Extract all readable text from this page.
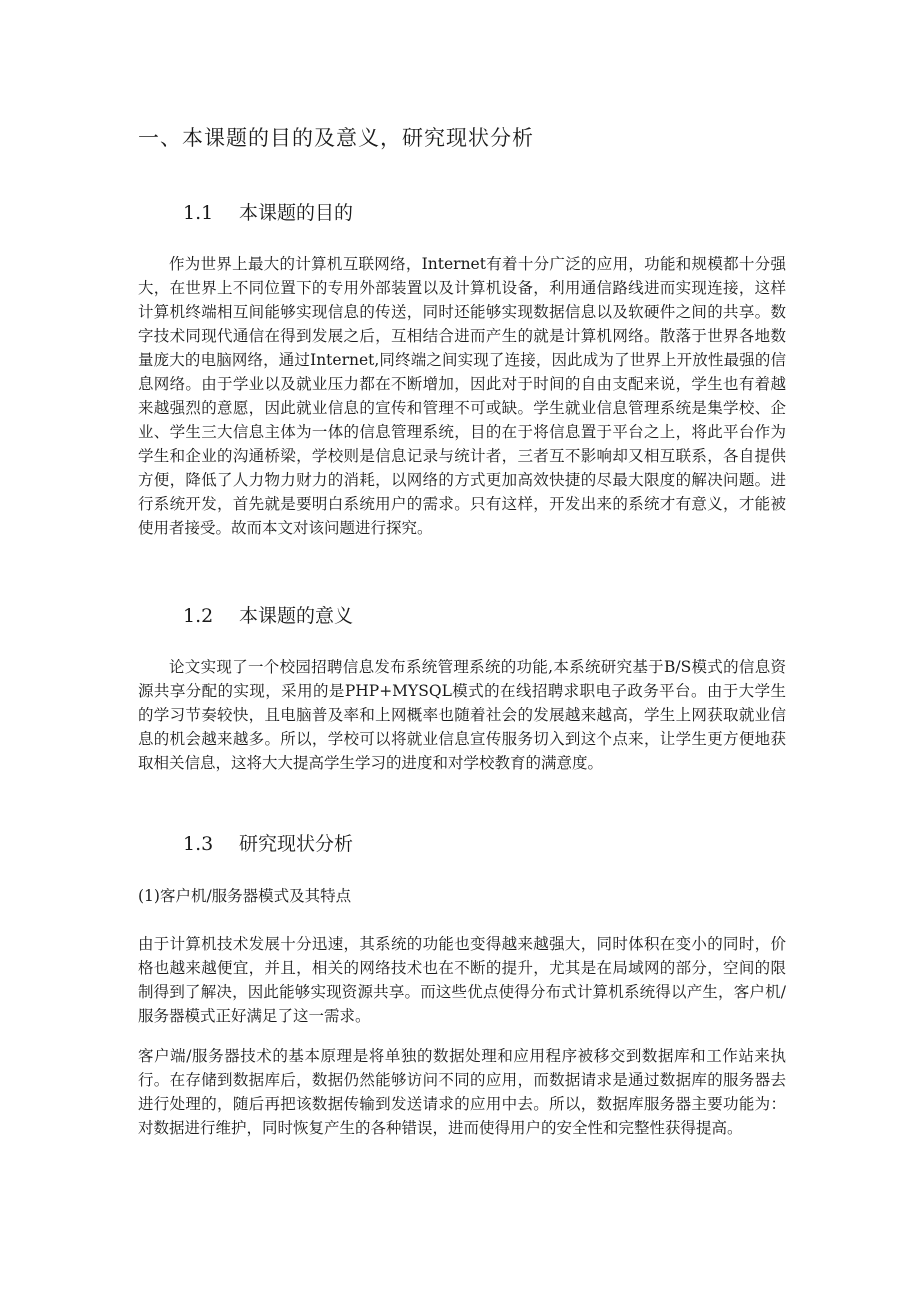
一、本课题的目的及意义，研究现状分析
1.1 本课题的目的

作为世界上最大的计算机互联网络，Internet有着十分广泛的应用，功能和规模都十分强大，在世界上不同位置下的专用外部装置以及计算机设备，利用通信路线进而实现连接，这样计算机终端相互间能够实现信息的传送，同时还能够实现数据信息以及软硬件之间的共享。数字技术同现代通信在得到发展之后，互相结合进而产生的就是计算机网络。散落于世界各地数量庞大的电脑网络，通过Internet,同终端之间实现了连接，因此成为了世界上开放性最强的信息网络。由于学业以及就业压力都在不断增加，因此对于时间的自由支配来说，学生也有着越来越强烈的意愿，因此就业信息的宣传和管理不可或缺。学生就业信息管理系统是集学校、企业、学生三大信息主体为一体的信息管理系统，目的在于将信息置于平台之上，将此平台作为学生和企业的沟通桥梁，学校则是信息记录与统计者，三者互不影响却又相互联系，各自提供方便，降低了人力物力财力的消耗，以网络的方式更加高效快捷的尽最大限度的解决问题。进行系统开发，首先就是要明白系统用户的需求。只有这样，开发出来的系统才有意义，才能被使用者接受。故而本文对该问题进行探究。

1.2 本课题的意义

论文实现了一个校园招聘信息发布系统管理系统的功能,本系统研究基于B/S模式的信息资源共享分配的实现，采用的是PHP+MYSQL模式的在线招聘求职电子政务平台。由于大学生的学习节奏较快，且电脑普及率和上网概率也随着社会的发展越来越高，学生上网获取就业信息的机会越来越多。所以，学校可以将就业信息宣传服务切入到这个点来，让学生更方便地获取相关信息，这将大大提高学生学习的进度和对学校教育的满意度。

1.3 研究现状分析
(1)客户机/服务器模式及其特点

由于计算机技术发展十分迅速，其系统的功能也变得越来越强大，同时体积在变小的同时，价格也越来越便宜，并且，相关的网络技术也在不断的提升，尤其是在局域网的部分，空间的限制得到了解决，因此能够实现资源共享。而这些优点使得分布式计算机系统得以产生，客户机/服务器模式正好满足了这一需求。

客户端/服务器技术的基本原理是将单独的数据处理和应用程序被移交到数据库和工作站来执行。在存储到数据库后，数据仍然能够访问不同的应用，而数据请求是通过数据库的服务器去进行处理的，随后再把该数据传输到发送请求的应用中去。所以，数据库服务器主要功能为：对数据进行维护，同时恢复产生的各种错误，进而使得用户的安全性和完整性获得提高。
